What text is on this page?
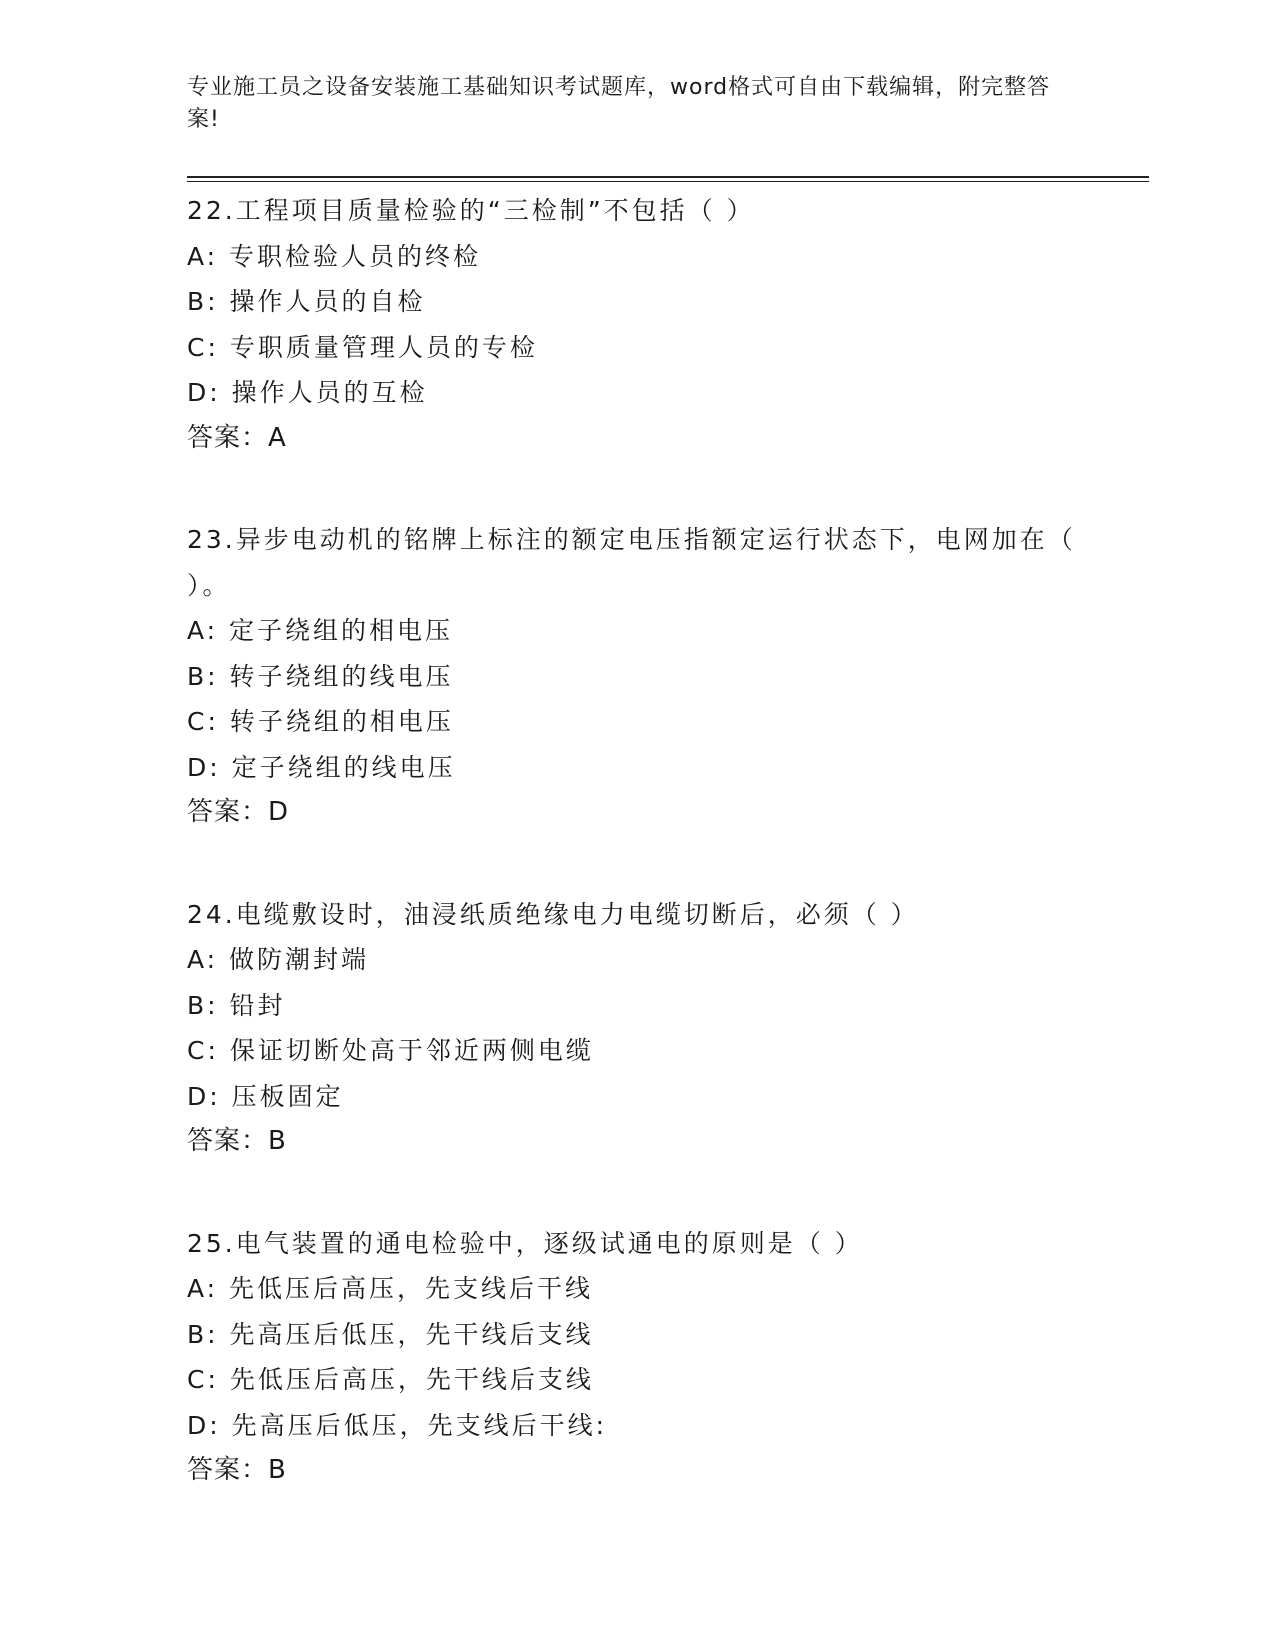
专业施工员之设备安装施工基础知识考试题库，word格式可自由下载编辑，附完整答案!
22.工程项目质量检验的“三检制”不包括（ ）
A: 专职检验人员的终检
B: 操作人员的自检
C: 专职质量管理人员的专检
D: 操作人员的互检
答案：A
23.异步电动机的铭牌上标注的额定电压指额定运行状态下，电网加在（ ）。
A: 定子绕组的相电压
B: 转子绕组的线电压
C: 转子绕组的相电压
D: 定子绕组的线电压
答案：D
24.电缆敷设时，油浸纸质绝缘电力电缆切断后，必须（ ）
A: 做防潮封端
B: 铅封
C: 保证切断处高于邻近两侧电缆
D: 压板固定
答案：B
25.电气装置的通电检验中，逐级试通电的原则是（ ）
A: 先低压后高压，先支线后干线
B: 先高压后低压，先干线后支线
C: 先低压后高压，先干线后支线
D: 先高压后低压，先支线后干线:
答案：B
